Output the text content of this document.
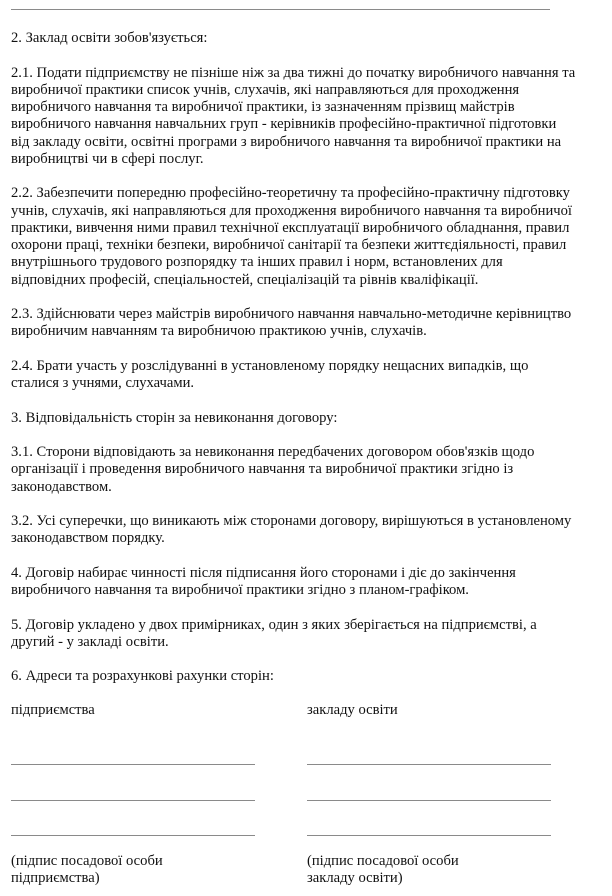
2. Заклад освіти зобов'язується:

2.1. Подати підприємству не пізніше ніж за два тижні до початку виробничого навчання та
виробничої практики список учнів, слухачів, які направляються для проходження
виробничого навчання та виробничої практики, із зазначенням прізвищ майстрів
виробничого навчання навчальних груп - керівників професійно-практичної підготовки
від закладу освіти, освітні програми з виробничого навчання та виробничої практики на
виробництві чи в сфері послуг.

2.2. Забезпечити попередню професійно-теоретичну та професійно-практичну підготовку
учнів, слухачів, які направляються для проходження виробничого навчання та виробничої
практики, вивчення ними правил технічної експлуатації виробничого обладнання, правил
охорони праці, техніки безпеки, виробничої санітарії та безпеки життєдіяльності, правил
внутрішнього трудового розпорядку та інших правил і норм, встановлених для
відповідних професій, спеціальностей, спеціалізацій та рівнів кваліфікації.

2.3. Здійснювати через майстрів виробничого навчання навчально-методичне керівництво
виробничим навчанням та виробничою практикою учнів, слухачів.

2.4. Брати участь у розслідуванні в установленому порядку нещасних випадків, що
сталися з учнями, слухачами.

3. Відповідальність сторін за невиконання договору:

3.1. Сторони відповідають за невиконання передбачених договором обов'язків щодо
організації і проведення виробничого навчання та виробничої практики згідно із
законодавством.

3.2. Усі суперечки, що виникають між сторонами договору, вирішуються в установленому
законодавством порядку.

4. Договір набирає чинності після підписання його сторонами і діє до закінчення
виробничого навчання та виробничої практики згідно з планом-графіком.

5. Договір укладено у двох примірниках, один з яких зберігається на підприємстві, а
другий - у закладі освіти.

6. Адреси та розрахункові рахунки сторін:

підприємства
(підпис посадової особи
підприємства)
закладу освіти
(підпис посадової особи
закладу освіти)
